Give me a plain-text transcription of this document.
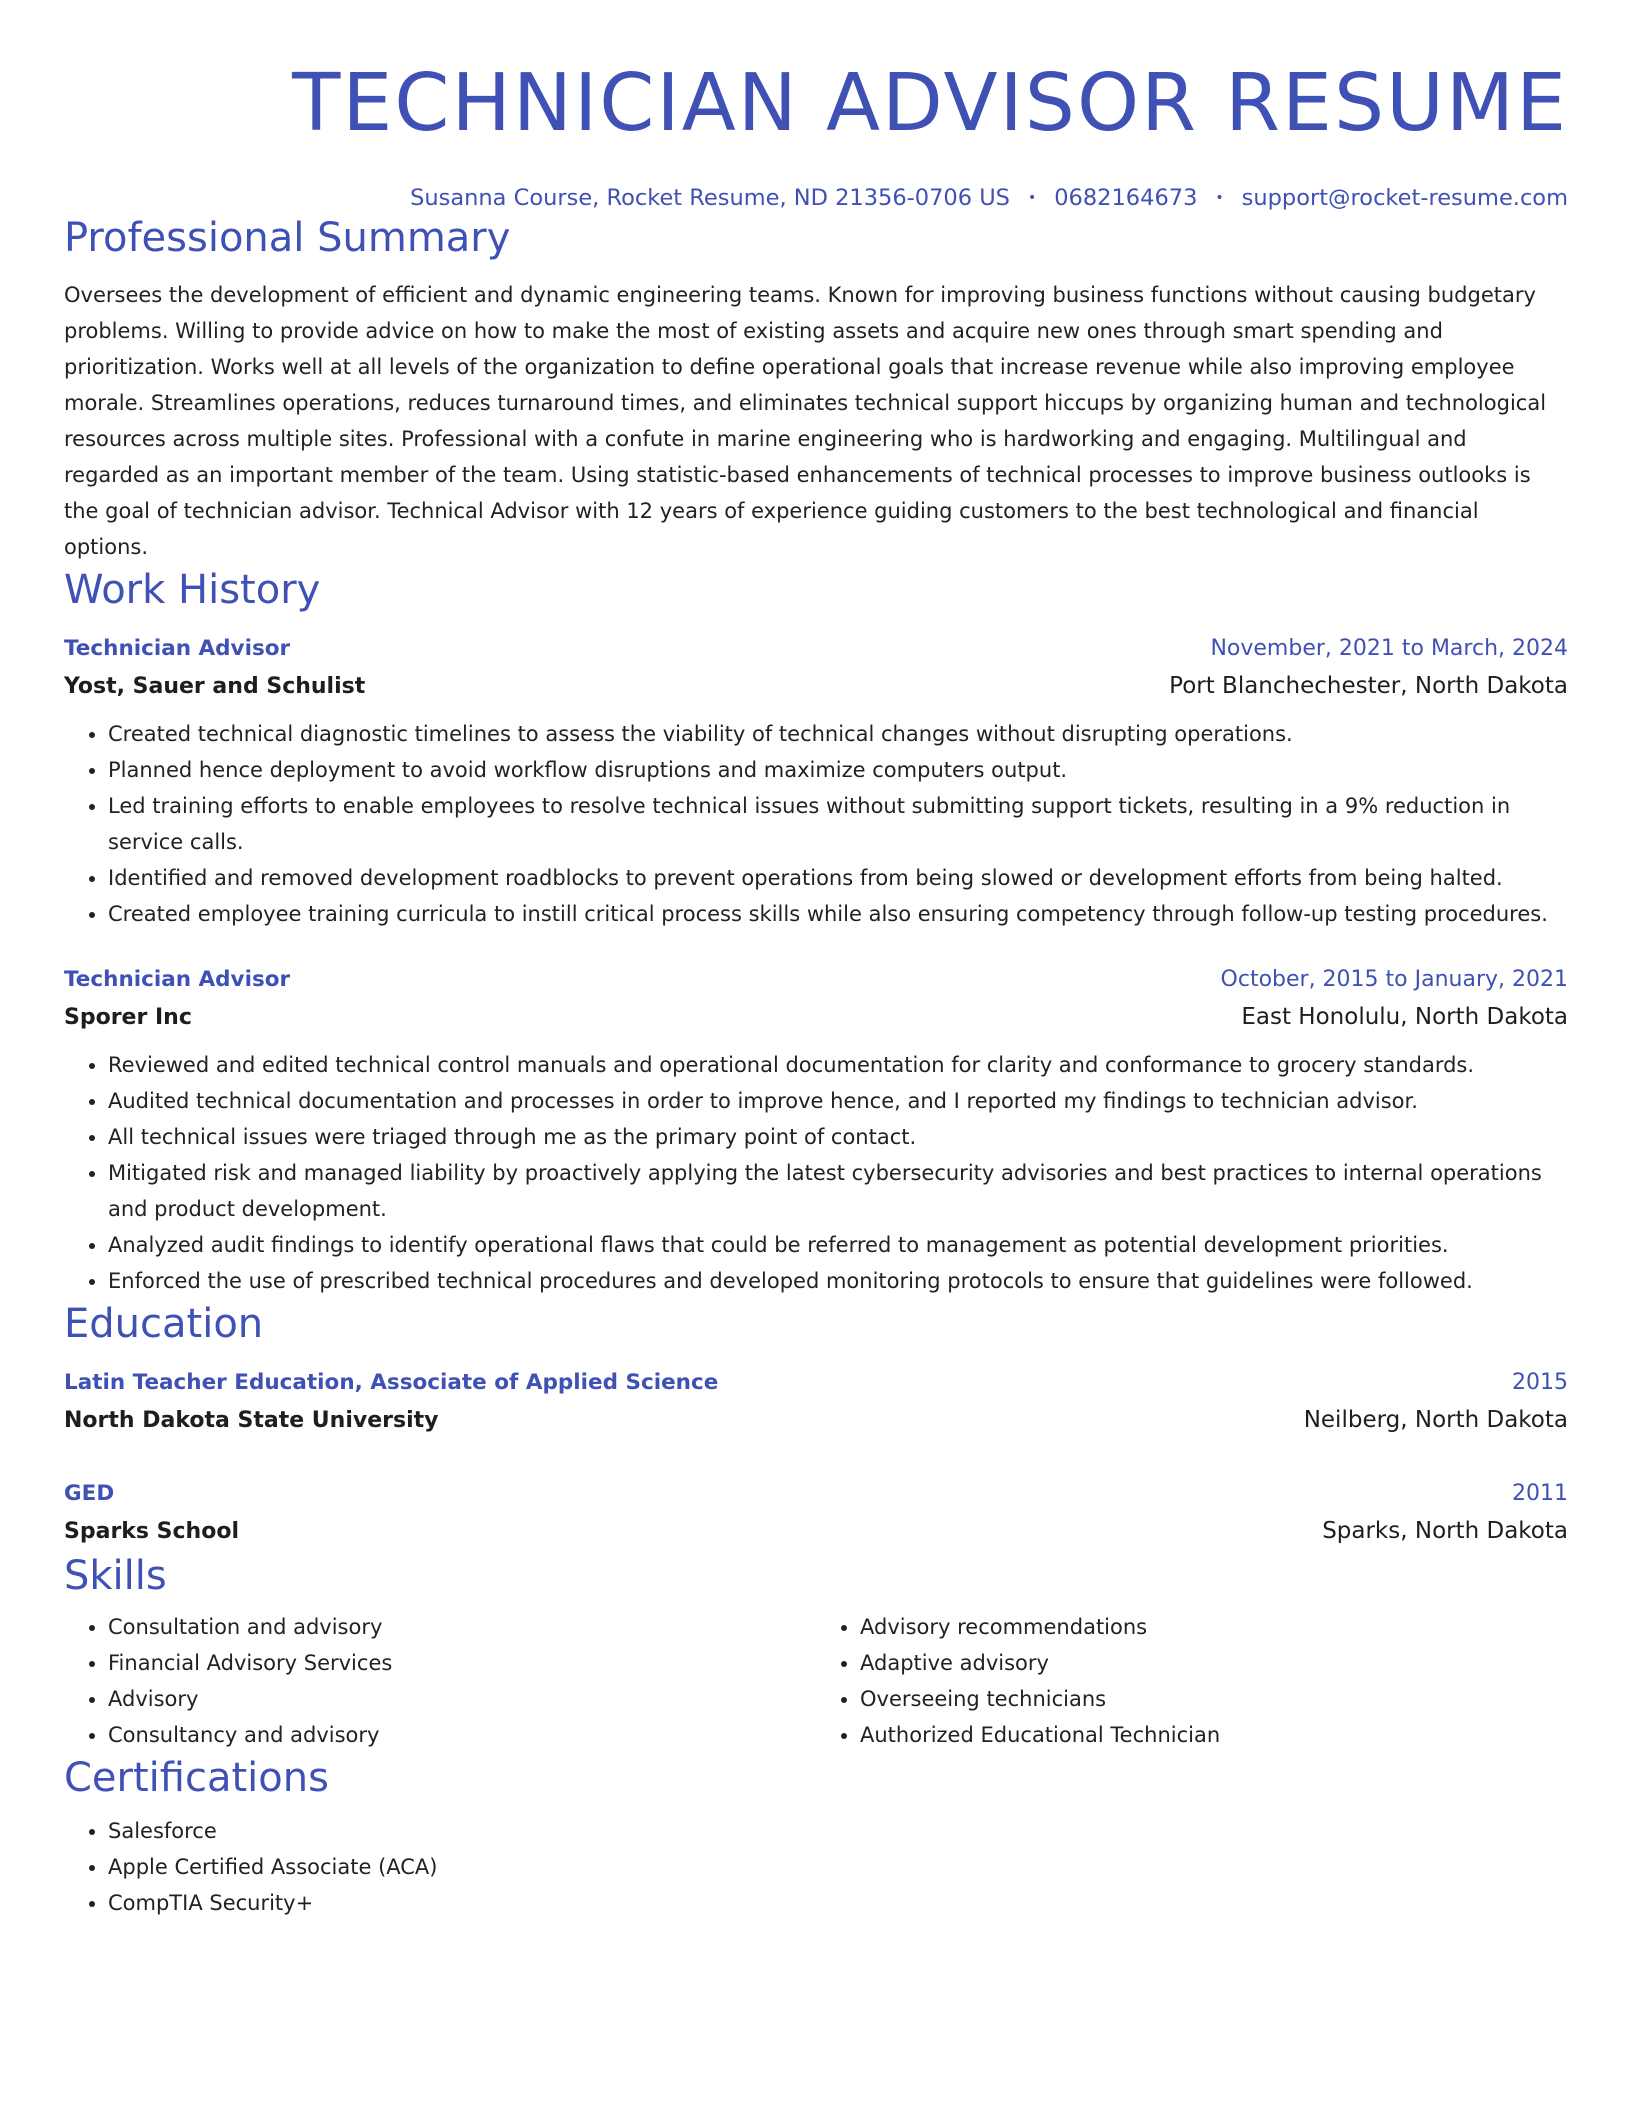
TECHNICIAN ADVISOR RESUME
Susanna Course, Rocket Resume, ND 21356-0706 US • 0682164673 • support@rocket-resume.com
Professional Summary

Oversees the development of efficient and dynamic engineering teams. Known for improving business functions without causing budgetary problems. Willing to provide advice on how to make the most of existing assets and acquire new ones through smart spending and prioritization. Works well at all levels of the organization to define operational goals that increase revenue while also improving employee morale. Streamlines operations, reduces turnaround times, and eliminates technical support hiccups by organizing human and technological resources across multiple sites. Professional with a confute in marine engineering who is hardworking and engaging. Multilingual and regarded as an important member of the team. Using statistic-based enhancements of technical processes to improve business outlooks is the goal of technician advisor. Technical Advisor with 12 years of experience guiding customers to the best technological and financial options.

Work History
Technician Advisor	November, 2021 to March, 2024
Yost, Sauer and Schulist	Port Blanchechester, North Dakota
• Created technical diagnostic timelines to assess the viability of technical changes without disrupting operations.
• Planned hence deployment to avoid workflow disruptions and maximize computers output.
• Led training efforts to enable employees to resolve technical issues without submitting support tickets, resulting in a 9% reduction in service calls.
• Identified and removed development roadblocks to prevent operations from being slowed or development efforts from being halted.
• Created employee training curricula to instill critical process skills while also ensuring competency through follow-up testing procedures.
Technician Advisor	October, 2015 to January, 2021
Sporer Inc	East Honolulu, North Dakota
• Reviewed and edited technical control manuals and operational documentation for clarity and conformance to grocery standards.
• Audited technical documentation and processes in order to improve hence, and I reported my findings to technician advisor.
• All technical issues were triaged through me as the primary point of contact.
• Mitigated risk and managed liability by proactively applying the latest cybersecurity advisories and best practices to internal operations and product development.
• Analyzed audit findings to identify operational flaws that could be referred to management as potential development priorities.
• Enforced the use of prescribed technical procedures and developed monitoring protocols to ensure that guidelines were followed.
Education
Latin Teacher Education, Associate of Applied Science	2015
North Dakota State University	Neilberg, North Dakota
GED	2011
Sparks School	Sparks, North Dakota
Skills
• Consultation and advisory
• Financial Advisory Services
• Advisory
• Consultancy and advisory
• Advisory recommendations
• Adaptive advisory
• Overseeing technicians
• Authorized Educational Technician
Certifications
• Salesforce
• Apple Certified Associate (ACA)
• CompTIA Security+
